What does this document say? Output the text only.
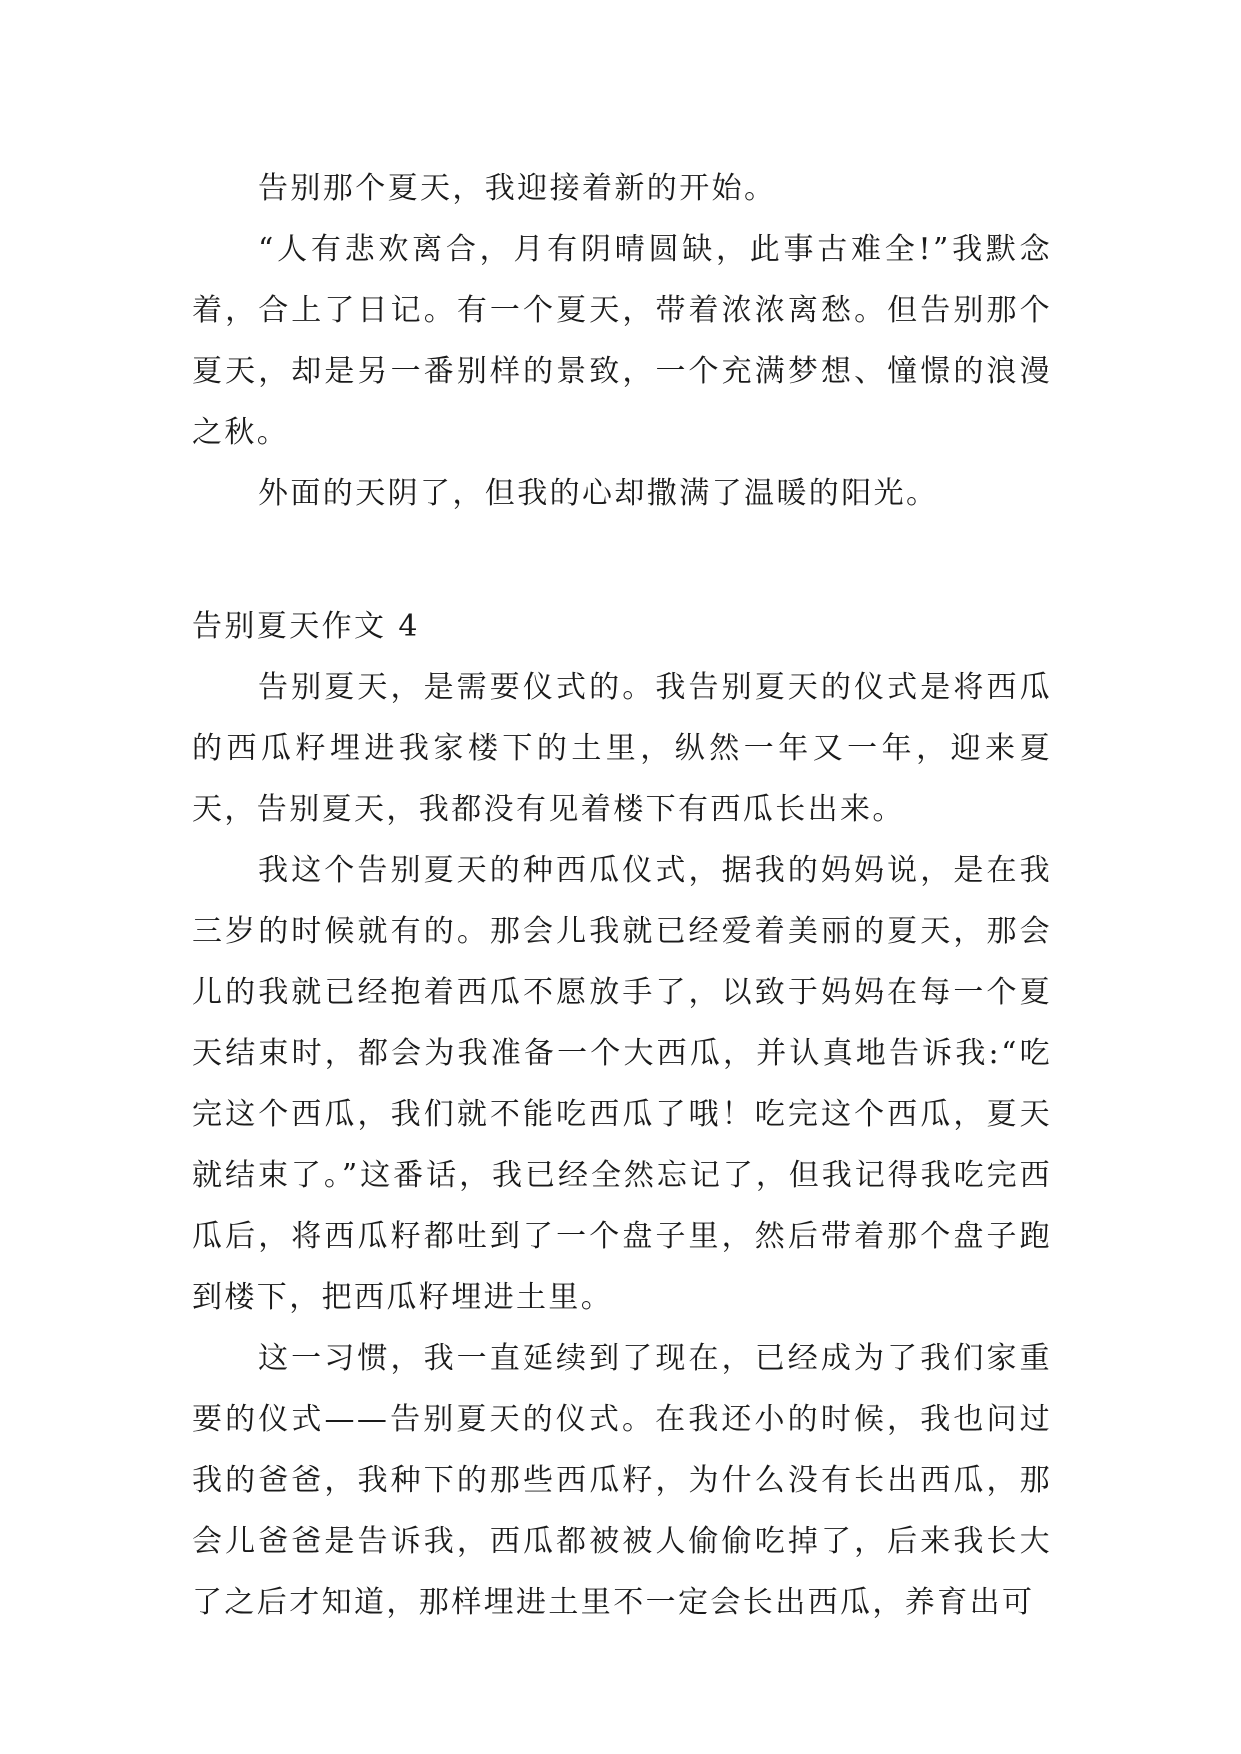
告别那个夏天，我迎接着新的开始。

“人有悲欢离合，月有阴晴圆缺，此事古难全!”我默念着，合上了日记。有一个夏天，带着浓浓离愁。但告别那个夏天，却是另一番别样的景致，一个充满梦想、憧憬的浪漫之秋。

外面的天阴了，但我的心却撒满了温暖的阳光。

告别夏天作文 4

告别夏天，是需要仪式的。我告别夏天的仪式是将西瓜的西瓜籽埋进我家楼下的土里，纵然一年又一年，迎来夏天，告别夏天，我都没有见着楼下有西瓜长出来。

我这个告别夏天的种西瓜仪式，据我的妈妈说，是在我三岁的时候就有的。那会儿我就已经爱着美丽的夏天，那会儿的我就已经抱着西瓜不愿放手了，以致于妈妈在每一个夏天结束时，都会为我准备一个大西瓜，并认真地告诉我:“吃完这个西瓜，我们就不能吃西瓜了哦！吃完这个西瓜，夏天就结束了。”这番话，我已经全然忘记了，但我记得我吃完西瓜后，将西瓜籽都吐到了一个盘子里，然后带着那个盘子跑到楼下，把西瓜籽埋进土里。

这一习惯，我一直延续到了现在，已经成为了我们家重要的仪式——告别夏天的仪式。在我还小的时候，我也问过我的爸爸，我种下的那些西瓜籽，为什么没有长出西瓜，那会儿爸爸是告诉我，西瓜都被被人偷偷吃掉了，后来我长大了之后才知道，那样埋进土里不一定会长出西瓜，养育出可
